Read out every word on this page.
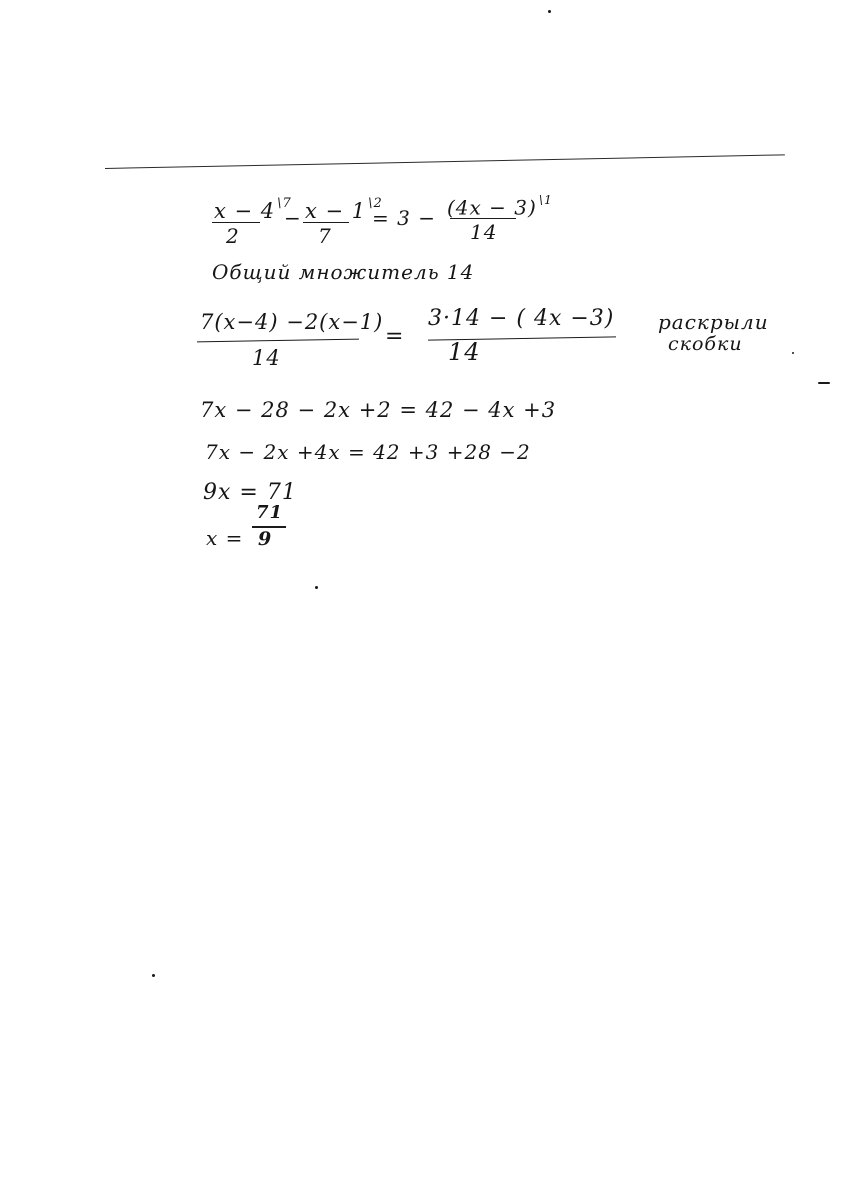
x − 4 $^{\backslash 7}$
2
− x − 1 $^{\backslash 2}$
7
= 3 − (4x − 3) $^{\backslash 1}$
14
Общий множитель 14
7(x−4) −2(x−1)
14
=
3·14 − ( 4x −3)
14
раскрыли
скобки
7x − 28 − 2x +2 = 42 − 4x +3
7x − 2x +4x = 42 +3 +28 −2
9x = 71
x =
71
9
